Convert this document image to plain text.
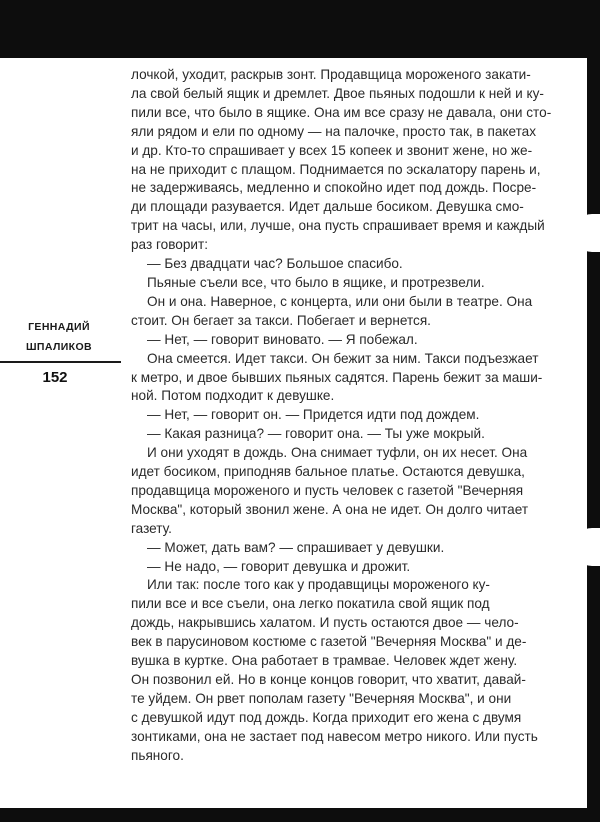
ГЕННАДИЙ
ШПАЛИКОВ
152
лочкой, уходит, раскрыв зонт. Продавщица мороженого закати-
ла свой белый ящик и дремлет. Двое пьяных подошли к ней и ку-
пили все, что было в ящике. Она им все сразу не давала, они сто-
яли рядом и ели по одному — на палочке, просто так, в пакетах
и др. Кто-то спрашивает у всех 15 копеек и звонит жене, но же-
на не приходит с плащом. Поднимается по эскалатору парень и,
не задерживаясь, медленно и спокойно идет под дождь. Посре-
ди площади разувается. Идет дальше босиком. Девушка смо-
трит на часы, или, лучше, она пусть спрашивает время и каждый
раз говорит:
— Без двадцати час? Большое спасибо.
Пьяные съели все, что было в ящике, и протрезвели.
Он и она. Наверное, с концерта, или они были в театре. Она
стоит. Он бегает за такси. Побегает и вернется.
— Нет, — говорит виновато. — Я побежал.
Она смеется. Идет такси. Он бежит за ним. Такси подъезжает
к метро, и двое бывших пьяных садятся. Парень бежит за маши-
ной. Потом подходит к девушке.
— Нет, — говорит он. — Придется идти под дождем.
— Какая разница? — говорит она. — Ты уже мокрый.
И они уходят в дождь. Она снимает туфли, он их несет. Она
идет босиком, приподняв бальное платье. Остаются девушка,
продавщица мороженого и пусть человек с газетой "Вечерняя
Москва", который звонил жене. А она не идет. Он долго читает
газету.
— Может, дать вам? — спрашивает у девушки.
— Не надо, — говорит девушка и дрожит.
Или так: после того как у продавщицы мороженого ку-
пили все и все съели, она легко покатила свой ящик под
дождь, накрывшись халатом. И пусть остаются двое — чело-
век в парусиновом костюме с газетой "Вечерняя Москва" и де-
вушка в куртке. Она работает в трамвае. Человек ждет жену.
Он позвонил ей. Но в конце концов говорит, что хватит, давай-
те уйдем. Он рвет пополам газету "Вечерняя Москва", и они
с девушкой идут под дождь. Когда приходит его жена с двумя
зонтиками, она не застает под навесом метро никого. Или пусть
пьяного.
